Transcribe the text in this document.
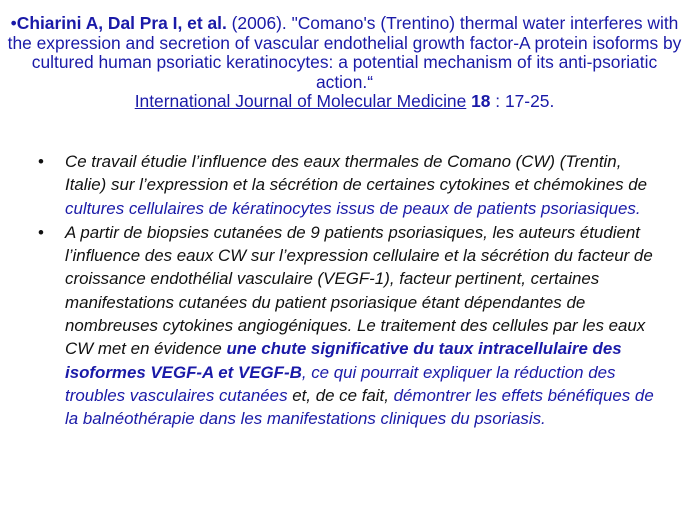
•Chiarini A, Dal Pra I, et al. (2006). "Comano's (Trentino) thermal water interferes with the expression and secretion of vascular endothelial growth factor-A protein isoforms by cultured human psoriatic keratinocytes: a potential mechanism of its anti-psoriatic action.“
International Journal of Molecular Medicine 18 : 17-25.
• Ce travail étudie l’influence des eaux thermales de Comano (CW) (Trentin, Italie) sur l’expression et la sécrétion de certaines cytokines et chémokines de cultures cellulaires de kératinocytes issus de peaux de patients psoriasiques.
• A partir de biopsies cutanées de 9 patients psoriasiques, les auteurs étudient l’influence des eaux CW sur l’expression cellulaire et la sécrétion du facteur de croissance endothélial vasculaire (VEGF-1), facteur pertinent, certaines manifestations cutanées du patient psoriasique étant dépendantes de nombreuses cytokines angiogéniques. Le traitement des cellules par les eaux CW met en évidence une chute significative du taux intracellulaire des isoformes VEGF-A et VEGF-B, ce qui pourrait expliquer la réduction des troubles vasculaires cutanées et, de ce fait, démontrer les effets bénéfiques de la balnéothérapie dans les manifestations cliniques du psoriasis.
